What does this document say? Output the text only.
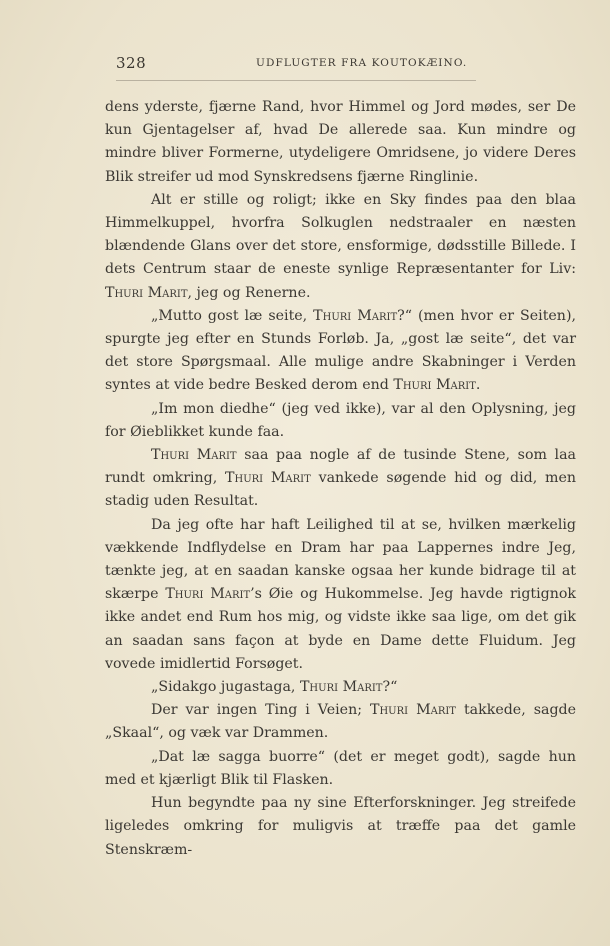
328	UDFLUGTER FRA KOUTOKÆINO.

dens yderste, fjærne Rand, hvor Himmel og Jord mødes, ser De kun Gjentagelser af, hvad De allerede saa. Kun mindre og mindre bliver Formerne, utydeligere Omridsene, jo videre Deres Blik streifer ud mod Synskredsens fjærne Ringlinie.

Alt er stille og roligt; ikke en Sky findes paa den blaa Himmelkuppel, hvorfra Solkuglen nedstraaler en næsten blændende Glans over det store, ensformige, dødsstille Billede. I dets Centrum staar de eneste synlige Repræsentanter for Liv: Thuri Marit, jeg og Renerne.

„Mutto gost læ seite, Thuri Marit?“ (men hvor er Seiten), spurgte jeg efter en Stunds Forløb. Ja, „gost læ seite“, det var det store Spørgsmaal. Alle mulige andre Skabninger i Verden syntes at vide bedre Besked derom end Thuri Marit.

„Im mon diedhe“ (jeg ved ikke), var al den Oplysning, jeg for Øieblikket kunde faa.

Thuri Marit saa paa nogle af de tusinde Stene, som laa rundt omkring, Thuri Marit vankede søgende hid og did, men stadig uden Resultat.

Da jeg ofte har haft Leilighed til at se, hvilken mærkelig vækkende Indflydelse en Dram har paa Lappernes indre Jeg, tænkte jeg, at en saadan kanske ogsaa her kunde bidrage til at skærpe Thuri Marit’s Øie og Hukommelse. Jeg havde rigtignok ikke andet end Rum hos mig, og vidste ikke saa lige, om det gik an saadan sans façon at byde en Dame dette Fluidum. Jeg vovede imidlertid Forsøget.

„Sidakgo jugastaga, Thuri Marit?“

Der var ingen Ting i Veien; Thuri Marit takkede, sagde „Skaal“, og væk var Drammen.

„Dat læ sagga buorre“ (det er meget godt), sagde hun med et kjærligt Blik til Flasken.

Hun begyndte paa ny sine Efterforskninger. Jeg streifede ligeledes omkring for muligvis at træffe paa det gamle Stenskræm-
